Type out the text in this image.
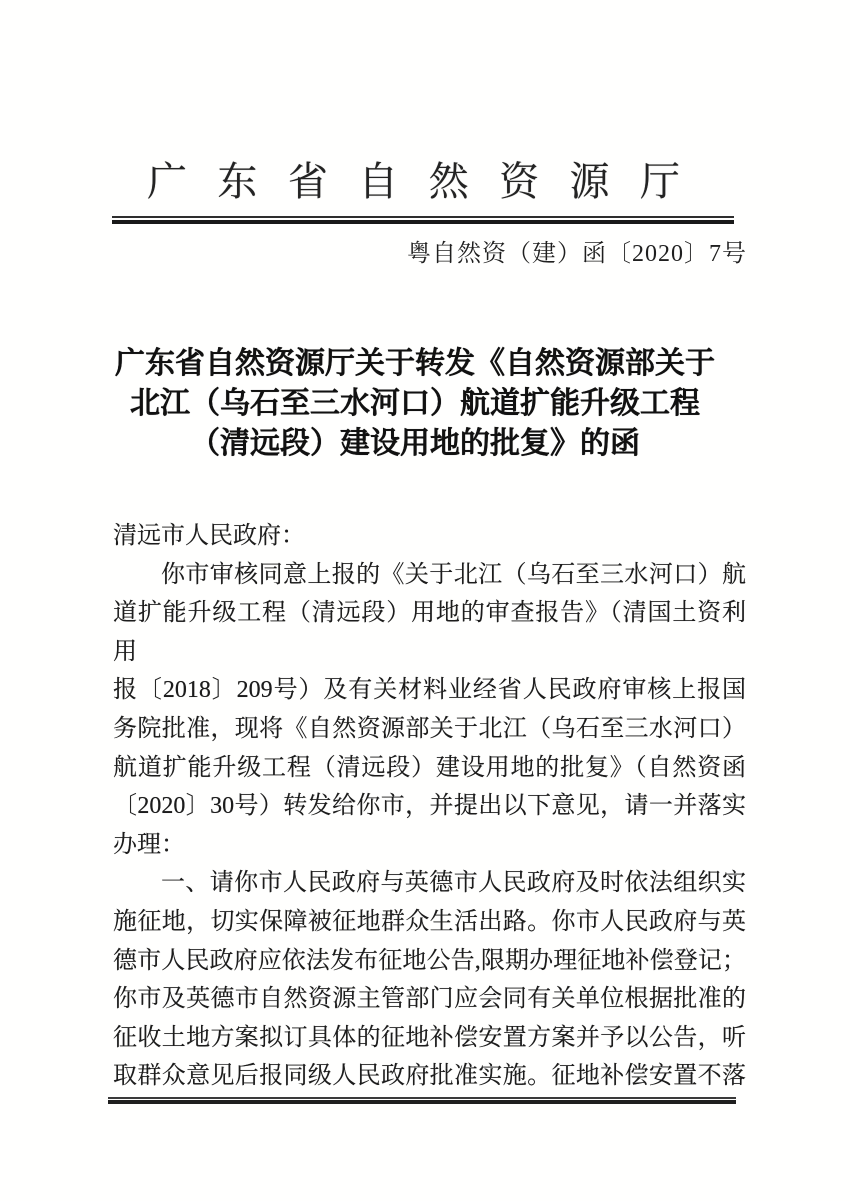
广 东 省 自 然 资 源 厅
粤自然资（建）函〔2020〕7号
广东省自然资源厅关于转发《自然资源部关于
北江（乌石至三水河口）航道扩能升级工程
（清远段）建设用地的批复》的函
清远市人民政府：
你市审核同意上报的《关于北江（乌石至三水河口）航
道扩能升级工程（清远段）用地的审查报告》（清国土资利用
报〔2018〕209号）及有关材料业经省人民政府审核上报国
务院批准，现将《自然资源部关于北江（乌石至三水河口）
航道扩能升级工程（清远段）建设用地的批复》（自然资函
〔2020〕30号）转发给你市，并提出以下意见，请一并落实
办理：
一、请你市人民政府与英德市人民政府及时依法组织实
施征地，切实保障被征地群众生活出路。你市人民政府与英
德市人民政府应依法发布征地公告,限期办理征地补偿登记；
你市及英德市自然资源主管部门应会同有关单位根据批准的
征收土地方案拟订具体的征地补偿安置方案并予以公告，听
取群众意见后报同级人民政府批准实施。征地补偿安置不落
